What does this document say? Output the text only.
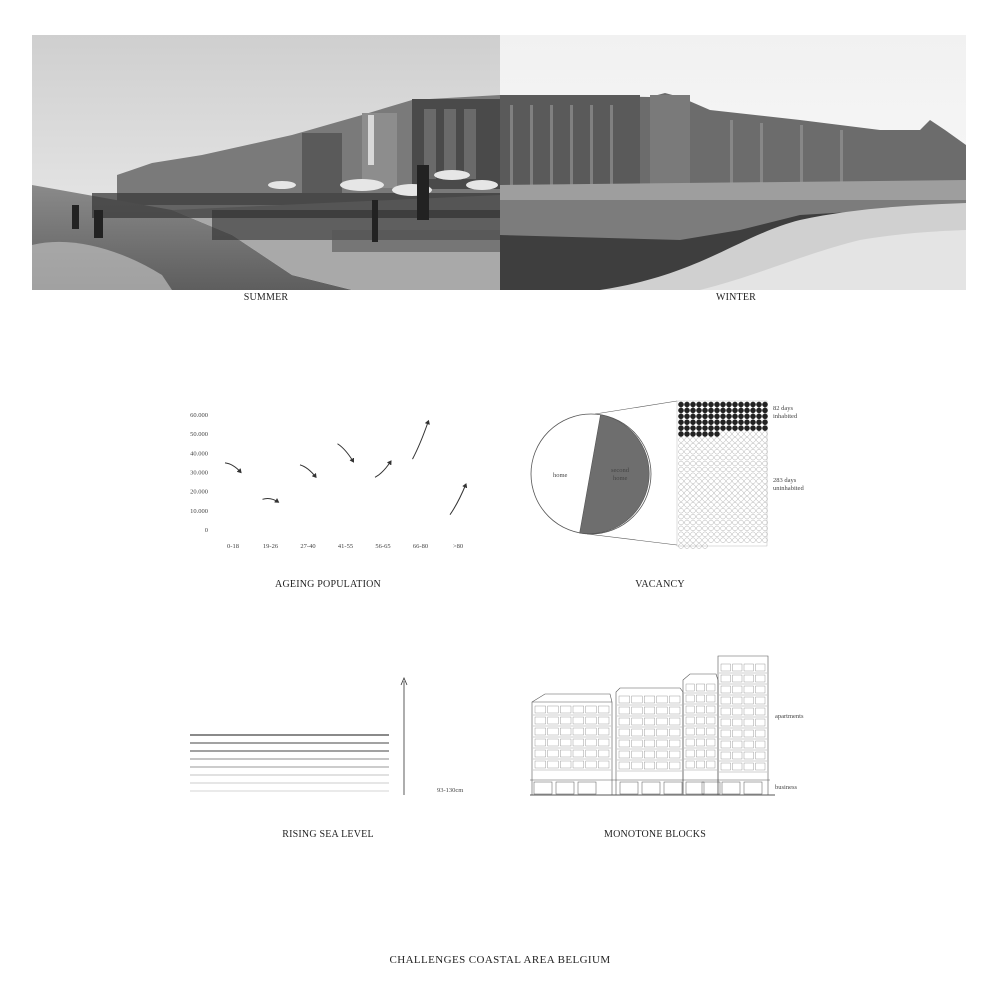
SUMMER	WINTER
60.000
50.000
40.000
30.000
20.000
10.000
0
0-18	19-26	27-40	41-55	56-65	66-80	>80
AGEING POPULATION
home
second
home
82 days
inhabited
283 days
uninhabited
VACANCY
93-130cm
RISING SEA LEVEL
apartments
business
MONOTONE BLOCKS
CHALLENGES COASTAL AREA BELGIUM
